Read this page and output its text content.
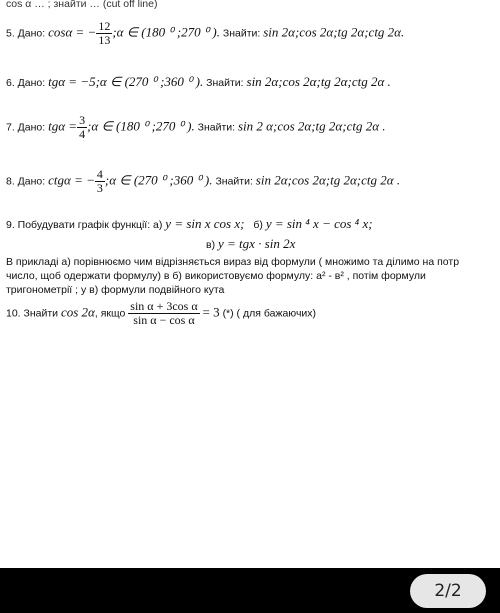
cos α … ; знайти … (cut off line)
5. Дано: cosα = − $\frac{12}{13}$ ;α ∈ (180 ⁰ ;270 ⁰ ). Знайти: sin 2α;cos 2α;tg 2α;ctg 2α.
6. Дано: tgα = −5;α ∈ (270 ⁰ ;360 ⁰ ). Знайти: sin 2α;cos 2α;tg 2α;ctg 2α .
7. Дано: $tg\alpha = \frac{3}{4}$ ;α ∈ (180 ⁰ ;270 ⁰ ). Знайти: sin 2 α;cos 2α;tg 2α;ctg 2α .
8. Дано: ctgα = − $\frac{4}{3}$ ;α ∈ (270 ⁰ ;360 ⁰ ). Знайти: sin 2α;cos 2α;tg 2α;ctg 2α .
9. Побудувати графік функції: а) y = sin x cos x; б) y = sin ⁴ x − cos ⁴ x;
в) y = tgx · sin 2x
В прикладі а) порівнюємо чим відрізняється вираз від формули ( множимо та ділимо на потр
число, щоб одержати формулу) в б) використовуємо формулу: а² - в² , потім формули
тригонометрії ; у в) формули подвійного кута
10. Знайти cos 2α, якщо $\frac{\text{sin α + 3cos α}}{\text{sin α − cos α}} = 3$ (*) ( для бажаючих)
2/2
